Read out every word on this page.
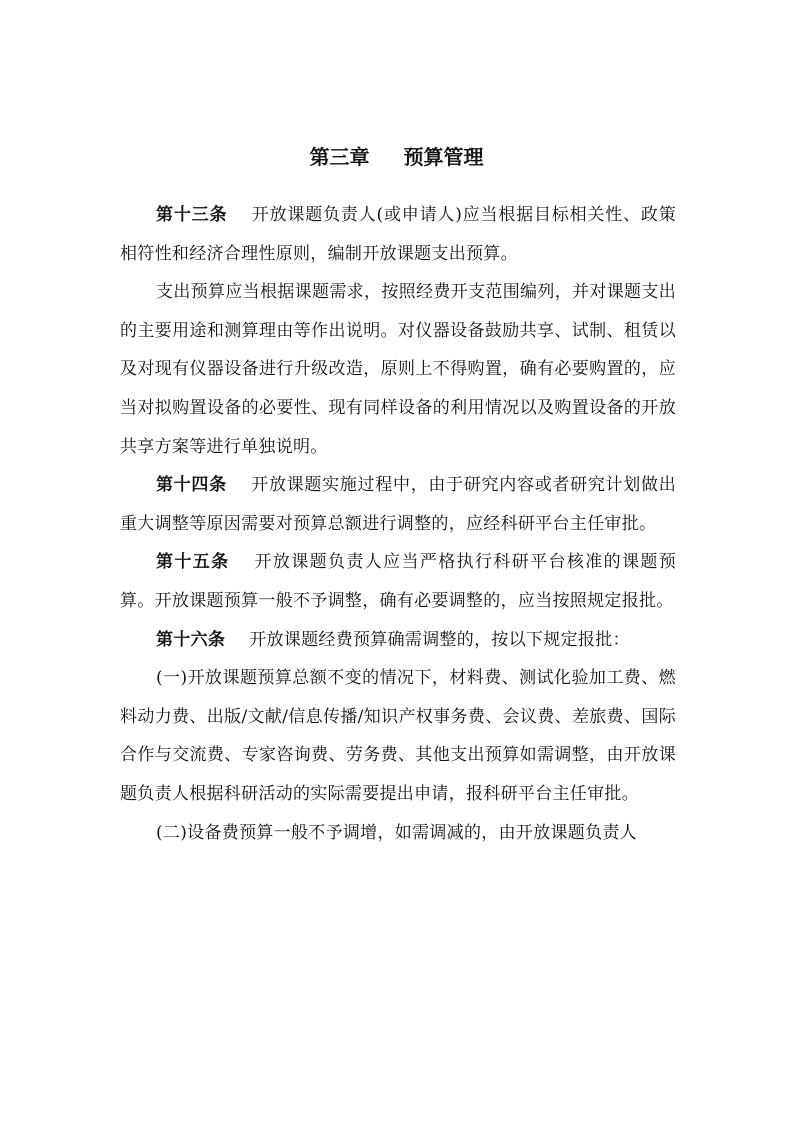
第三章 预算管理

第十三条 开放课题负责人(或申请人)应当根据目标相关性、政策相符性和经济合理性原则，编制开放课题支出预算。

支出预算应当根据课题需求，按照经费开支范围编列，并对课题支出的主要用途和测算理由等作出说明。对仪器设备鼓励共享、试制、租赁以及对现有仪器设备进行升级改造，原则上不得购置，确有必要购置的，应当对拟购置设备的必要性、现有同样设备的利用情况以及购置设备的开放共享方案等进行单独说明。

第十四条 开放课题实施过程中，由于研究内容或者研究计划做出重大调整等原因需要对预算总额进行调整的，应经科研平台主任审批。

第十五条 开放课题负责人应当严格执行科研平台核准的课题预算。开放课题预算一般不予调整，确有必要调整的，应当按照规定报批。

第十六条 开放课题经费预算确需调整的，按以下规定报批：

(一)开放课题预算总额不变的情况下，材料费、测试化验加工费、燃料动力费、出版/文献/信息传播/知识产权事务费、会议费、差旅费、国际合作与交流费、专家咨询费、劳务费、其他支出预算如需调整，由开放课题负责人根据科研活动的实际需要提出申请，报科研平台主任审批。

(二)设备费预算一般不予调增，如需调减的，由开放课题负责人
